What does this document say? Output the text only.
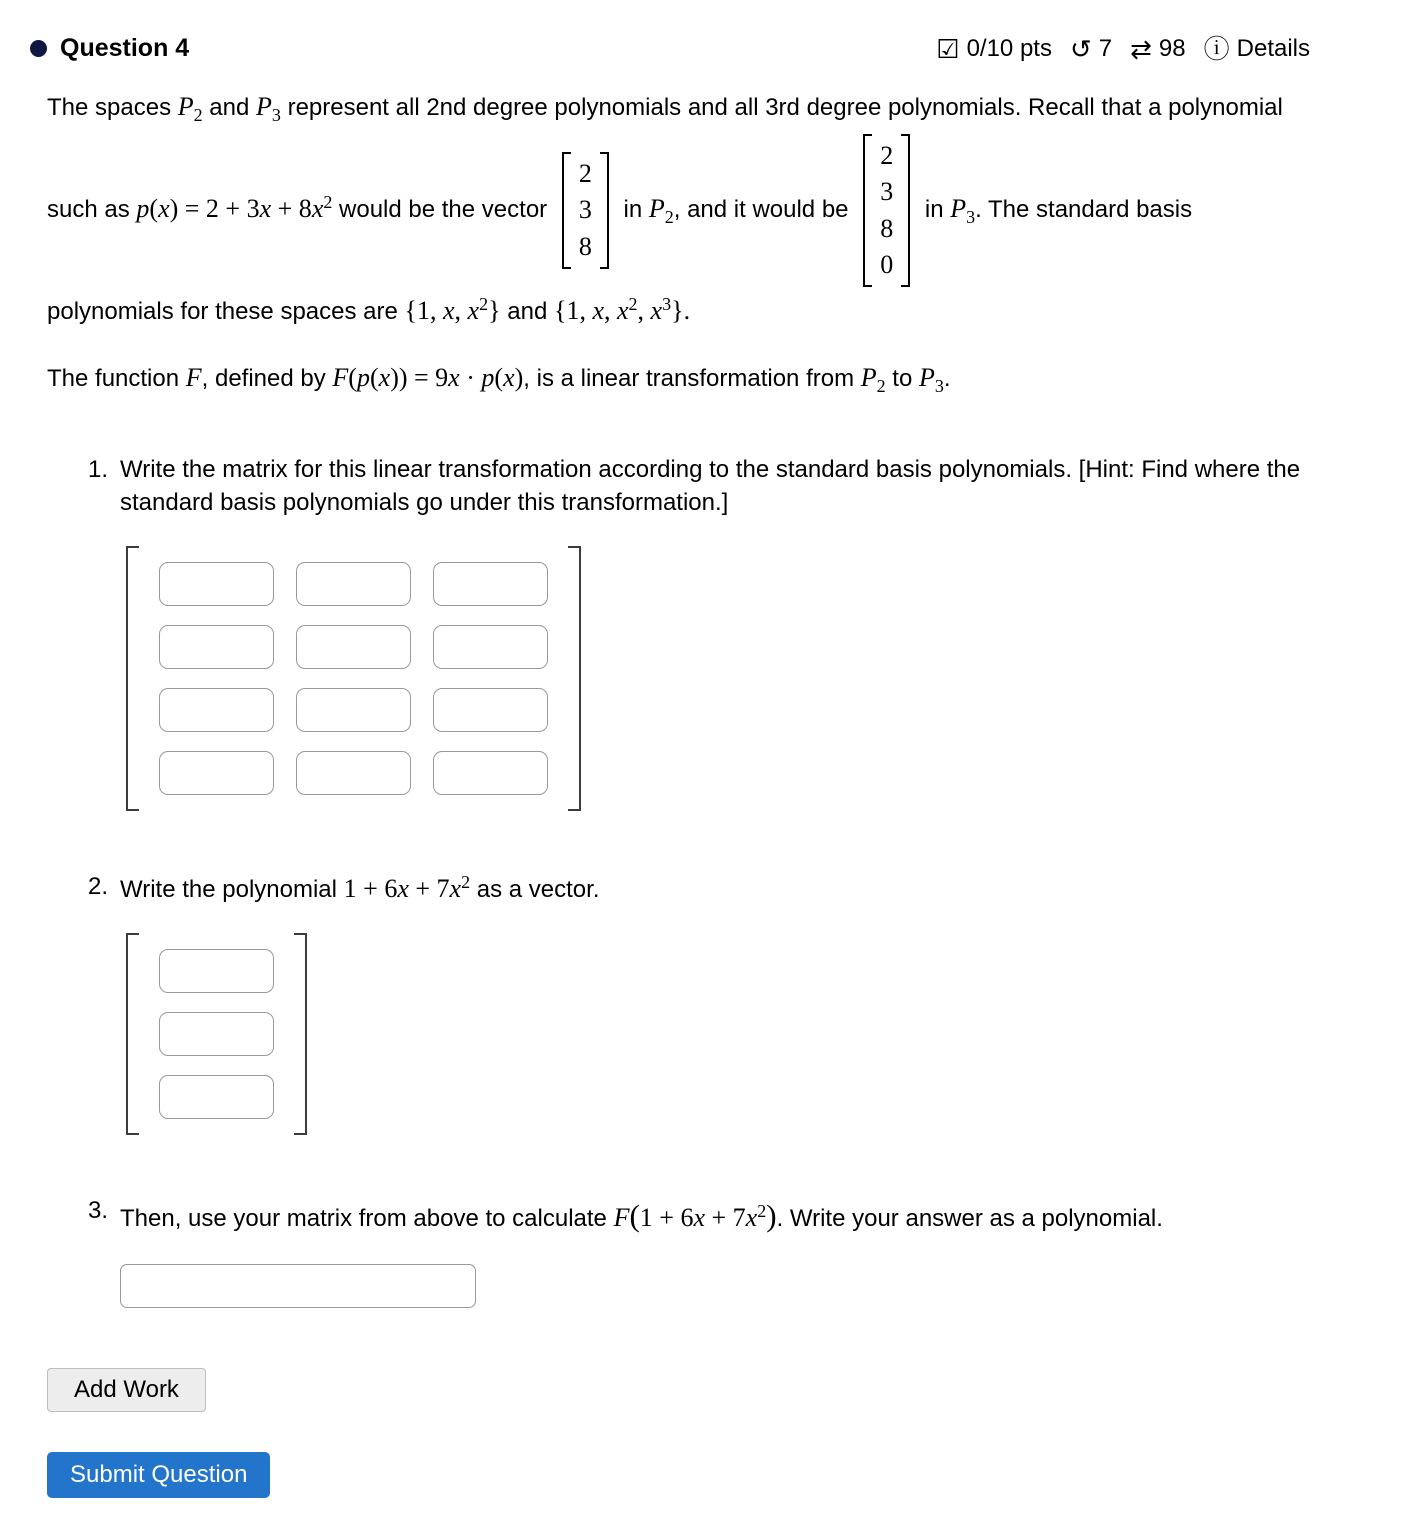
Question 4	☑ 0/10 pts ↺ 7 ⇄ 98 ⓘ Details
The spaces $P_2$ and $P_3$ represent all 2nd degree polynomials and all 3rd degree polynomials. Recall that a polynomial such as $p(x) = 2 + 3x + 8x^2$ would be the vector
2
3
8
in $P_2$, and it would be
2
3
8
0
in $P_3$. The standard basis polynomials for these spaces are {1, x, $x^2$} and {1, x, $x^2$, $x^3$}.
The function F, defined by F(p(x)) = 9x · p(x), is a linear transformation from $P_2$ to $P_3$.
1. Write the matrix for this linear transformation according to the standard basis polynomials. [Hint: Find where the standard basis polynomials go under this transformation.]
2. Write the polynomial $1 + 6x + 7x^2$ as a vector.
3. Then, use your matrix from above to calculate $F(1 + 6x + 7x^2)$. Write your answer as a polynomial.
Add Work
Submit Question
